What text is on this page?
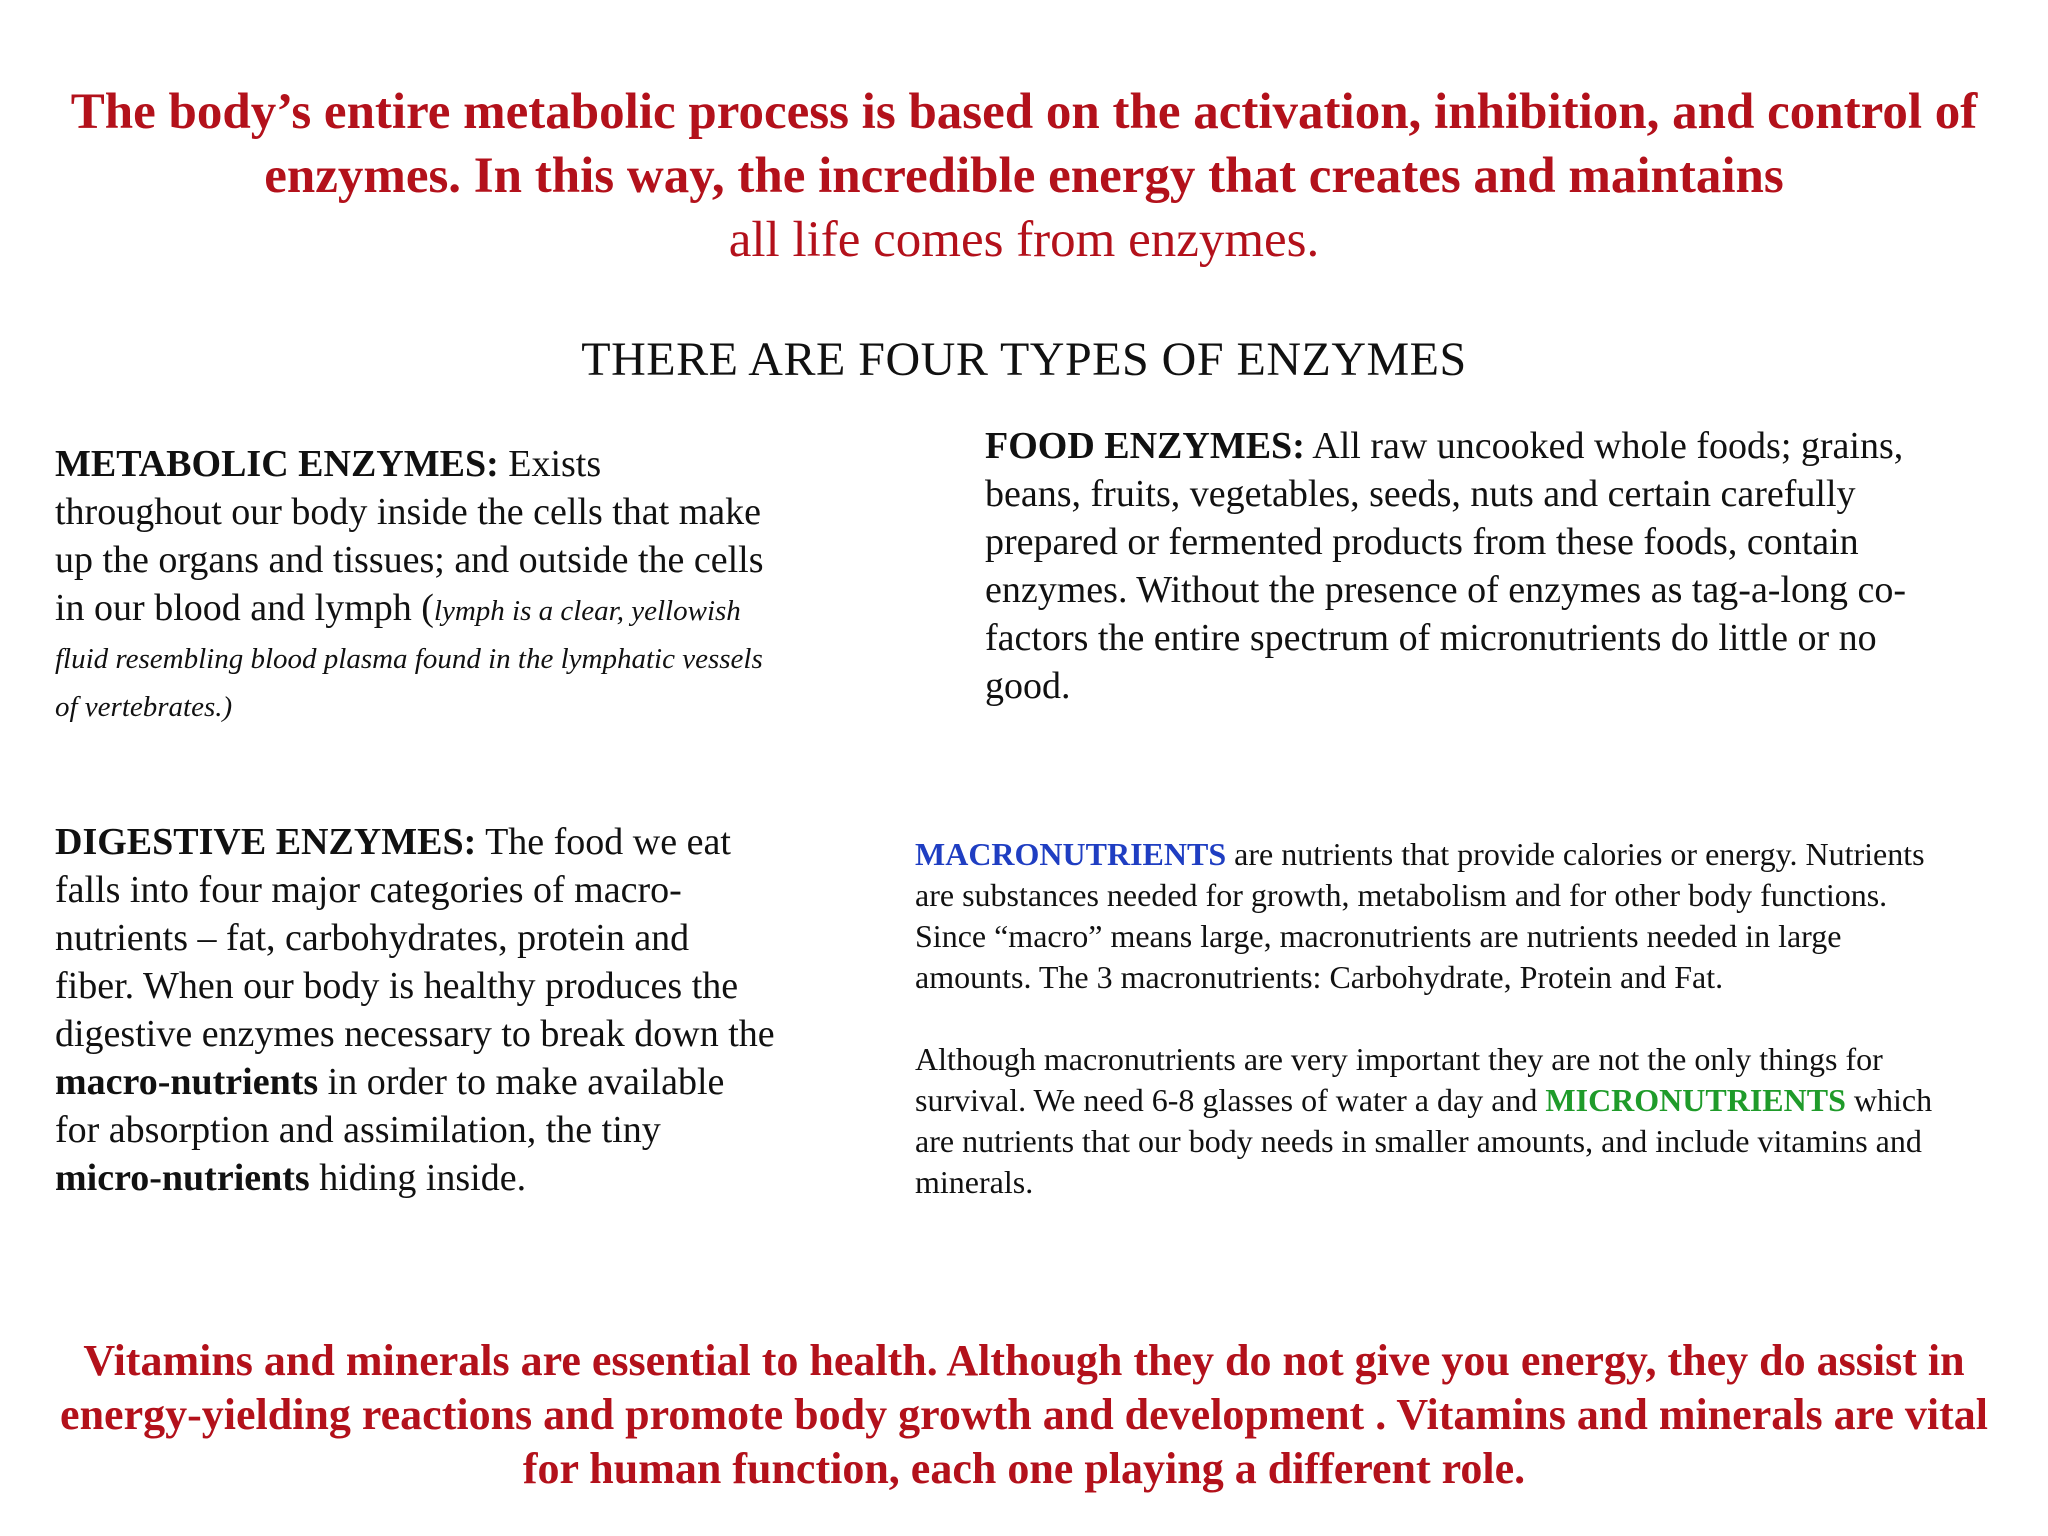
The body’s entire metabolic process is based on the activation, inhibition, and control of enzymes. In this way, the incredible energy that creates and maintains
all life comes from enzymes.
THERE ARE FOUR TYPES OF ENZYMES
METABOLIC ENZYMES: Exists throughout our body inside the cells that make up the organs and tissues; and outside the cells in our blood and lymph (lymph is a clear, yellowish fluid resembling blood plasma found in the lymphatic vessels of vertebrates.)
FOOD ENZYMES: All raw uncooked whole foods; grains, beans, fruits, vegetables, seeds, nuts and certain carefully prepared or fermented products from these foods, contain enzymes. Without the presence of enzymes as tag-a-long co-factors the entire spectrum of micronutrients do little or no good.
DIGESTIVE ENZYMES: The food we eat falls into four major categories of macro-nutrients – fat, carbohydrates, protein and fiber. When our body is healthy produces the digestive enzymes necessary to break down the macro-nutrients in order to make available for absorption and assimilation, the tiny micro-nutrients hiding inside.

MACRONUTRIENTS are nutrients that provide calories or energy. Nutrients are substances needed for growth, metabolism and for other body functions. Since “macro” means large, macronutrients are nutrients needed in large amounts. The 3 macronutrients: Carbohydrate, Protein and Fat.

Although macronutrients are very important they are not the only things for survival. We need 6-8 glasses of water a day and MICRONUTRIENTS which are nutrients that our body needs in smaller amounts, and include vitamins and minerals.

Vitamins and minerals are essential to health. Although they do not give you energy, they do assist in energy-yielding reactions and promote body growth and development . Vitamins and minerals are vital for human function, each one playing a different role.
